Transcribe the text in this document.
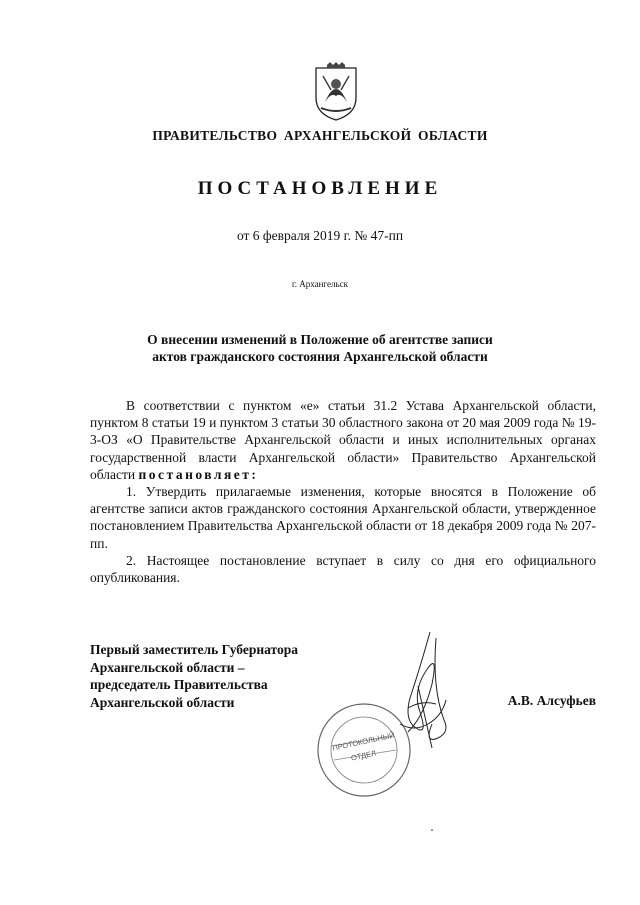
ПРАВИТЕЛЬСТВО АРХАНГЕЛЬСКОЙ ОБЛАСТИ
ПОСТАНОВЛЕНИЕ
от 6 февраля 2019 г. № 47-пп
г. Архангельск
О внесении изменений в Положение об агентстве записи
актов гражданского состояния Архангельской области

В соответствии с пунктом «е» статьи 31.2 Устава Архангельской области, пунктом 8 статьи 19 и пунктом 3 статьи 30 областного закона от 20 мая 2009 года № 19-3-ОЗ «О Правительстве Архангельской области и иных исполнительных органах государственной власти Архангельской области» Правительство Архангельской области постановляет:

1. Утвердить прилагаемые изменения, которые вносятся в Положение об агентстве записи актов гражданского состояния Архангельской области, утвержденное постановлением Правительства Архангельской области от 18 декабря 2009 года № 207-пп.

2. Настоящее постановление вступает в силу со дня его официального опубликования.

Первый заместитель Губернатора
Архангельской области –
председатель Правительства
Архангельской области
ПРОТОКОЛЬНЫЙ
ОТДЕЛ
А.В. Алсуфьев
